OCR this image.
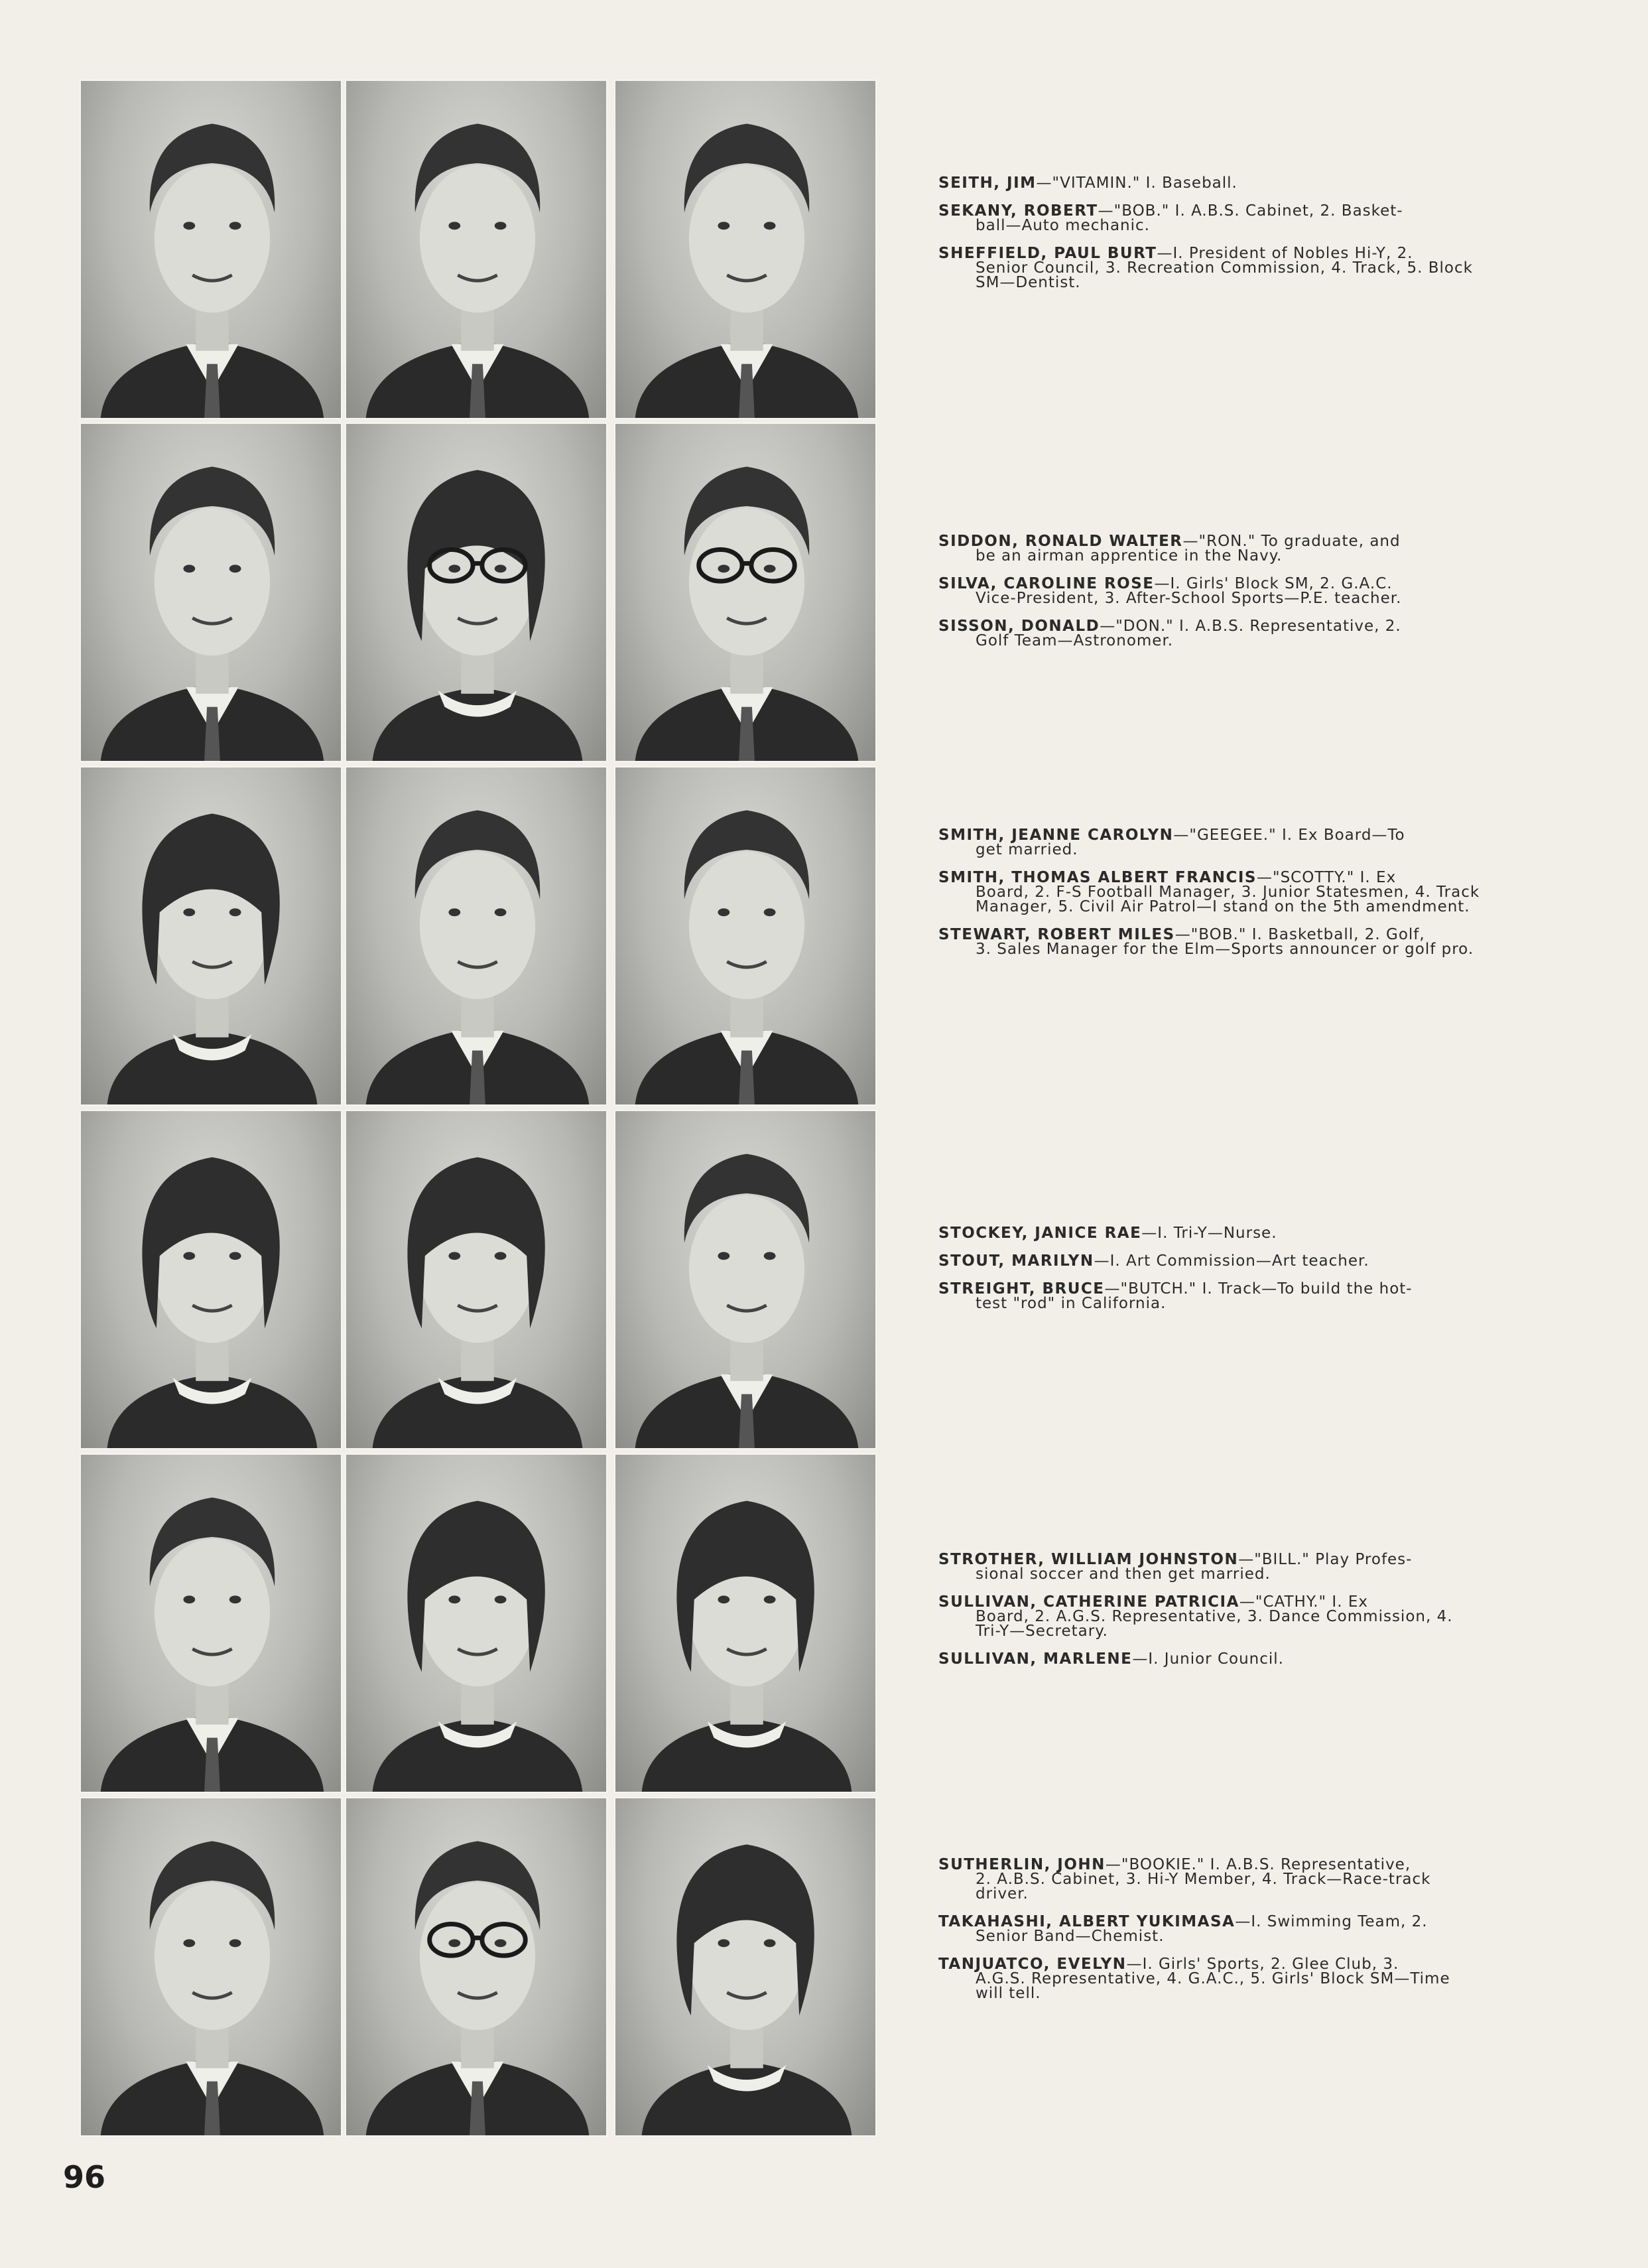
SEITH, JIM—"VITAMIN." I. Baseball.
SEKANY, ROBERT—"BOB." I. A.B.S. Cabinet, 2. Basket-
ball—Auto mechanic.
SHEFFIELD, PAUL BURT—I. President of Nobles Hi-Y, 2.
Senior Council, 3. Recreation Commission, 4. Track, 5. Block SM—Dentist.
SIDDON, RONALD WALTER—"RON." To graduate, and
be an airman apprentice in the Navy.
SILVA, CAROLINE ROSE—I. Girls' Block SM, 2. G.A.C.
Vice-President, 3. After-School Sports—P.E. teacher.
SISSON, DONALD—"DON." I. A.B.S. Representative, 2.
Golf Team—Astronomer.
SMITH, JEANNE CAROLYN—"GEEGEE." I. Ex Board—To
get married.
SMITH, THOMAS ALBERT FRANCIS—"SCOTTY." I. Ex
Board, 2. F-S Football Manager, 3. Junior Statesmen, 4. Track Manager, 5. Civil Air Patrol—I stand on the 5th amendment.
STEWART, ROBERT MILES—"BOB." I. Basketball, 2. Golf,
3. Sales Manager for the Elm—Sports announcer or golf pro.
STOCKEY, JANICE RAE—I. Tri-Y—Nurse.
STOUT, MARILYN—I. Art Commission—Art teacher.
STREIGHT, BRUCE—"BUTCH." I. Track—To build the hot-
test "rod" in California.
STROTHER, WILLIAM JOHNSTON—"BILL." Play Profes-
sional soccer and then get married.
SULLIVAN, CATHERINE PATRICIA—"CATHY." I. Ex
Board, 2. A.G.S. Representative, 3. Dance Commission, 4. Tri-Y—Secretary.
SULLIVAN, MARLENE—I. Junior Council.
SUTHERLIN, JOHN—"BOOKIE." I. A.B.S. Representative,
2. A.B.S. Cabinet, 3. Hi-Y Member, 4. Track—Race-track driver.
TAKAHASHI, ALBERT YUKIMASA—I. Swimming Team, 2.
Senior Band—Chemist.
TANJUATCO, EVELYN—I. Girls' Sports, 2. Glee Club, 3.
A.G.S. Representative, 4. G.A.C., 5. Girls' Block SM—Time will tell.
96
